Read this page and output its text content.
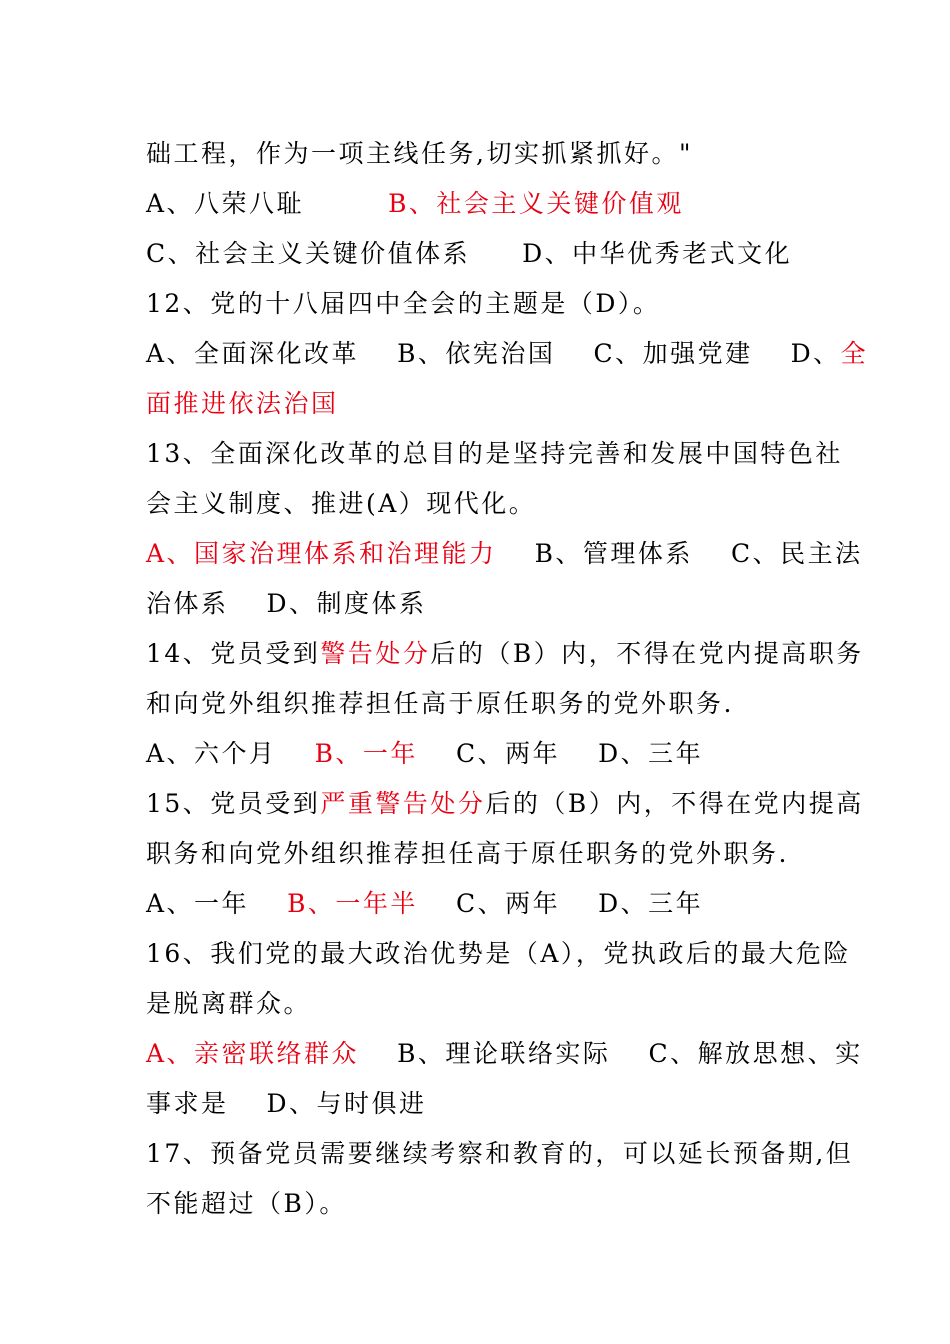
础工程，作为一项主线任务,切实抓紧抓好。"
A、八荣八耻	B、社会主义关键价值观
C、社会主义关键价值体系 D、中华优秀老式文化
12、党的十八届四中全会的主题是（D）。
A、全面深化改革 B、依宪治国 C、加强党建 D、全
面推进依法治国
13、全面深化改革的总目的是坚持完善和发展中国特色社
会主义制度、推进(A）现代化。
A、国家治理体系和治理能力 B、管理体系 C、民主法
治体系 D、制度体系
14、党员受到警告处分后的（B）内，不得在党内提高职务
和向党外组织推荐担任高于原任职务的党外职务.
A、六个月 B、一年 C、两年 D、三年
15、党员受到严重警告处分后的（B）内，不得在党内提高
职务和向党外组织推荐担任高于原任职务的党外职务.
A、一年 B、一年半 C、两年 D、三年
16、我们党的最大政治优势是（A），党执政后的最大危险
是脱离群众。
A、亲密联络群众 B、理论联络实际 C、解放思想、实
事求是 D、与时俱进
17、预备党员需要继续考察和教育的，可以延长预备期,但
不能超过（B）。
